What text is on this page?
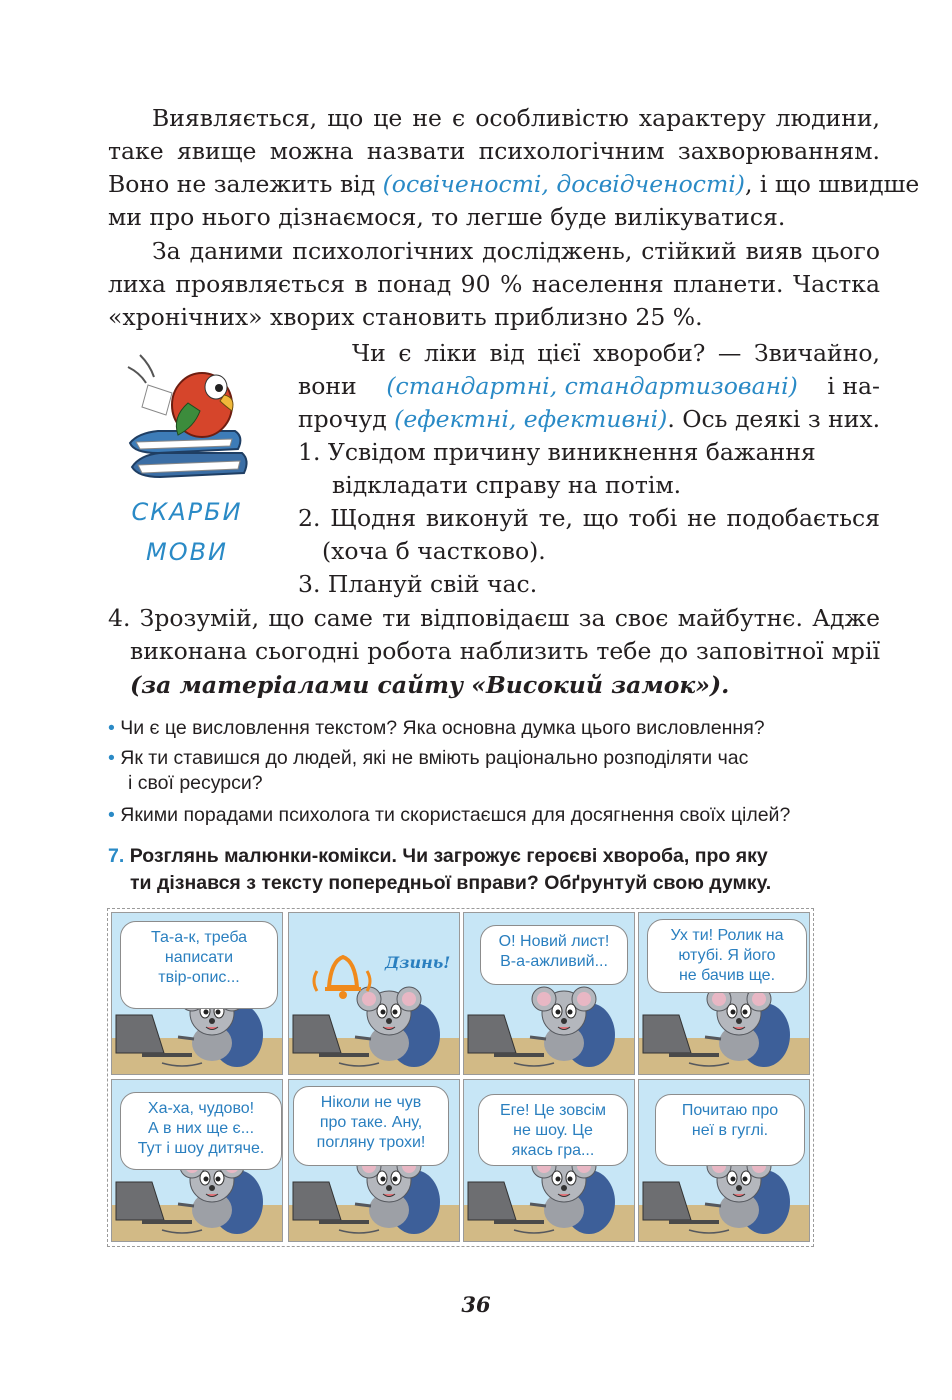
Виявляється, що це не є особливістю характеру людини,
таке явище можна назвати психологічним захворюванням.
Воно не залежить від (освіченості, досвідченості), і що швидше
ми про нього дізнаємося, то легше буде вилікуватися.
За даними психологічних досліджень, стійкий вияв цього
лиха проявляється в понад 90 % населення планети. Частка
«хронічних» хворих становить приблизно 25 %.
СКАРБИ
МОВИ
Чи є ліки від цієї хвороби? — Звичайно,
вони (стандартні, стандартизовані) і на-
прочуд (ефектні, ефективні). Ось деякі з них.
1. Усвідом причину виникнення бажання
відкладати справу на потім.
2. Щодня виконуй те, що тобі не подобається
(хоча б частково).
3. Плануй свій час.
4. Зрозумій, що саме ти відповідаєш за своє майбутнє. Адже
виконана сьогодні робота наблизить тебе до заповітної мрії
(за матеріалами сайту «Високий замок»).
• Чи є це висловлення текстом? Яка основна думка цього висловлення?
• Як ти ставишся до людей, які не вміють раціонально розподіляти час
і свої ресурси?
• Якими порадами психолога ти скористаєшся для досягнення своїх цілей?
7. Розглянь малюнки-комікси. Чи загрожує героєві хвороба, про яку
ти дізнався з тексту попередньої вправи? Обґрунтуй свою думку.
Та-а-к, треба
написати
твір-опис...
Дзинь!
О! Новий лист!
В-а-ажливий...
Ух ти! Ролик на
ютубі. Я його
не бачив ще.
Ха-ха, чудово!
А в них ще є...
Тут і шоу дитяче.
Ніколи не чув
про таке. Ану,
погляну трохи!
Еге! Це зовсім
не шоу. Це
якась гра...
Почитаю про
неї в гуглі.
36
